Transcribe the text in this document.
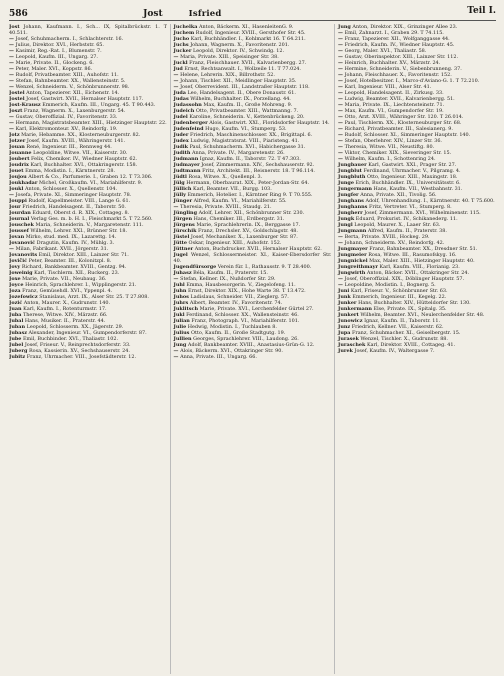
586	Jost	Isfried	Teil I.

Jost Johann, Kaufmann. I., Sch... IX, Spitalbrückstr. 1. T 40.511.

— Josef, Schuhmacherm. I., Schlachterstr. 16.

— Julius, Direktor. XVI., Herbststr. 65.

— Kasimir, Reg.-Rat. I., Blumenstr. 7.

— Leopold, Kaufm. III., Ungarg. 27.

— Marie, Private. II., Glockeng. 6.

— Peter, Maler. XVI., Koppstr. 86.

— Rudolf, Privatbeamter. XIII., Auhofstr. 11.

— Stefan, Bahnbeamter. XX., Wallensteinstr. 5.

— Wenzel, Schneiderm. V., Schönbrunnerstr. 98.

Jostel Anton, Tapezierer. XII., Eichenstr. 14.

Jostel Josef, Gastwirt. XVII., Hernalser Hauptstr. 117.

Jost-Krausz Emmerich, Kaufm. III., Ungarg. 45. T 90.443.

Joszt Franz, Wagnerm. X., Laxenburgerstr. 54.

— Gustav, Oberoffizial. IV., Favoritenstr. 33.

— Hermann, Magistratsbeamter. XIII., Hietzinger Hauptstr. 22.

— Karl, Elektromonteur. XV., Reindorfg. 19.

Jotz Marie, Hebamme. XX., Klosterneuburgerstr. 82.

Jotzer Josef, Kaufm. XVIII., Währingerstr. 141.

Jouan René, Ingenieur. III., Rennweg 44.

Jouanne Leopoldine, Witwe. VII., Kaiserstr. 30.

Joubert Felix, Chemiker. IV., Wiedner Hauptstr. 62.

Joudrix Karl, Buchhalter. XVI., Ottakringerstr. 158.

Jouet Emma, Modistin. I., Kärntnerstr. 28.

Joujou Albert & Co., Parfumerie. I., Graben 12. T 73.306.

Joukhadar Michel, Großkaufm. VI., Mariahilferstr. 9.

Joukl Anton, Schlosser. X., Quellenstr. 104.

— Josefa, Private. XI., Simmeringer Hauptstr. 78.

Jouppi Rudolf, Kapellmeister. VIII., Lange G. 61.

Jour Friedrich, Handelsagent. II., Taborstr. 50.

Jourdan Eduard, Oberst d. R. XIX., Cottageg. 8.

Journal Verlag Ges. m. b. H. I., Fleischmarkt 5. T 72.560.

Jouschek Maria, Schneiderin. V., Margaretenstr. 111.

Joussef Wilhelm, Lehrer. XXI., Brünner Str. 18.

Jovan Mirko, stud. med. IX., Lazarettg. 14.

Jovanović Dragutin, Kaufm. IV., Mühlg. 3.

— Milan, Fabrikant. XVII., Jörgerstr. 31.

Jovanovits Emil, Direktor. XIII., Lainzer Str. 71.

Jovičić Peter, Beamter. III., Kolonitzpl. 8.

Jovy Richard, Bankbeamter. XVIII., Gentzg. 94.

Joweinig Karl, Tischlerm. XII., Ruckerg. 23.

Joxe Marie, Private. VII., Neubaug. 36.

Joyce Heinrich, Sprachlehrer. I., Wipplingerstr. 21.

Joza Franz, Gemüsehdl. XVI., Yppenpl. 4.

Jozefowicz Stanislaus, Arzt. IX., Alser Str. 25. T 27.808.

Jozić Anton, Maurer. X., Gudrunstr. 140.

Juan Karl, Kaufm. I., Rotenturmstr. 17.

Juba Therese, Witwe. XIV., Märzstr. 66.

Jubal Hans, Musiker. II., Praterstr. 44.

Juban Leopold, Schlosserm. XX., Jägerstr. 29.

Jubasz Alexander, Ingenieur. VI., Gumpendorferstr. 87.

Jube Emil, Buchbinder. XVI., Thaliastr. 102.

Jubel Josef, Friseur. V., Reinprechtsdorferstr. 33.

Juberg Rosa, Kassierin. XV., Sechshauserstr. 24.

Jubitz Franz, Uhrmacher. VIII., Josefstädterstr. 12.

Juchelka Anton, Bäckerm. XI., HasenleitenG. 9.

Juchem Rudolf, Ingenieur. XVIII., Gersthofer Str. 45.

Jucho Karl, Buchhändler. I., Kohlmarkt 16. T 64.211.

Juchs Johann, Wagnerm. X., Favoritenstr. 201.

Jucker Leopold, Direktor. IV., Schwindg. 12.

— Maria, Private. XIII., Speisinger Str. 38.

Juckl Franz, Fleischhauer. XVII., Kalvarienbergg. 27.

Jud Ernst, Rechtsanwalt. I., Wollzeile 11. T 77.024.

— Helene, Lehrerin. XIX., Billrothstr. 52.

— Johann, Tischler. XII., Meidlinger Hauptstr. 35.

— Josef, Oberrevident. III., Landstraßer Hauptstr. 118.

Juda Leo, Handelsagent. II., Obere Donaustr. 61.

Judas Wilhelm, Buchhalter. IX., Porzellang. 44.

Judassohn Max, Kaufm. II., Große Mohreng. 9.

Judeich Otto, Privatbeamter. XIII., Wattmanng. 7.

Judel Karoline, Schneiderin. V., Kettenbrückeng. 20.

Judenberger Alois, Gastwirt. XXI., Floridsdorfer Hauptstr. 14.

Judenfeind Hugo, Kaufm. VI., Stumperg. 53.

Juder Friedrich, Maschinenschlosser. XX., Brigittapl. 6.

Judex Ludwig, Magistratsrat. VIII., Piaristeng. 41.

Judik Paul, Schuhmacherm. XVI., Habichergasse 31.

Judith Anna, Private. IV., Margaretenstr. 26.

Judmann Ignaz, Kaufm. II., Taborstr. 72. T 47.303.

Judmayer Josef, Zimmermann. XIV., Sechshauserstr. 92.

Judtmann Fritz, Architekt. III., Reisnerstr. 18. T 96.114.

Jüdtl Rosa, Witwe. X., Quellenpl. 3.

Jülg Hermann, Oberbaurat. XIX., Peter-Jordan-Str. 64.

Jüllich Karl, Beamter. VII., Burgg. 103.

Jülly Emmerich, Hotelier. I., Kärntner Ring 9. T 70.555.

Jünger Alfred, Kaufm. VI., Mariahilferstr. 55.

— Theresia, Private. XVIII., Staudg. 21.

Jüngling Adolf, Lehrer. XII., Schönbrunner Str. 230.

Jürgen Hans, Chemiker. III., Erdbergstr. 31.

Jürgens Marie, Sprachlehrerin. IX., Berggasse 17.

Jürschik Franz, Drechsler. XV., Goldschlagstr. 48.

Jüstel Josef, Mechaniker. X., Laxenburger Str. 87.

Jütte Oskar, Ingenieur. XIII., Auhofstr. 152.

Jüttner Anton, Buchdrucker. XVII., Hernalser Hauptstr. 62.

Jugel Wenzel, Schlossermeister. XI., Kaiser-Ebersdorfer Str. 40.

Jugendfürsorge Verein für. I., Rathausstr. 9. T 28.400.

Juhasz Béla, Kaufm. II., Praterstr. 15.

— Stefan, Kellner. IX., Nußdorfer Str. 29.

Juhl Emma, Hausbesorgerin. V., Ziegelofeng. 11.

Juhn Ernst, Direktor. XIX., Hohe Warte 38. T 13.472.

Juhos Ladislaus, Schneider. VII., Zieglerg. 57.

Juhrs Albert, Beamter. IV., Favoritenstr. 74.

Juklitsch Marie, Private. XVI., Lerchenfelder Gürtel 27.

Jukl Ferdinand, Schlosser. XX., Wallensteinstr. 46.

Julian Franz, Photograph. VI., Mariahilferstr. 101.

Julie Hedwig, Modistin. I., Tuchlauben 8.

Julius Otto, Kaufm. II., Große Stadtgutg. 19.

Jullien Georges, Sprachlehrer. VIII., Laudong. 26.

Jung Adolf, Bankbeamter. XVIII., Anastasius-Grün-G. 12.

— Alois, Bäckerm. XVI., Ottakringer Str. 90.

— Anna, Private. III., Ungarg. 66.

Jung Anton, Direktor. XIX., Grinzinger Allee 23.

— Emil, Zahnarzt. I., Graben 29. T 74.115.

— Franz, Tapezierer. XII., Wolfganggasse 44.

— Friedrich, Kaufm. IV., Wiedner Hauptstr. 45.

— Georg, Maler. XVI., Thaliastr. 58.

— Gustav, Oberinspektor. XIII., Lainzer Str. 112.

— Heinrich, Buchhalter. XV., Märzstr. 24.

— Hermine, Schneiderin. V., Siebenbrunneng. 37.

— Johann, Fleischhauer. X., Favoritenstr. 152.

— Josef, Hotelbesitzer. I., Marco-d'Aviano-G. 1. T 72.210.

— Karl, Ingenieur. VIII., Alser Str. 41.

— Leopold, Handelsagent. II., Zirkusg. 33.

— Ludwig, Beamter. XVII., Kalvarienbergg. 51.

— Maria, Private. IX., Liechtensteinstr. 71.

— Max, Kaufm. VI., Gumpendorfer Str. 19.

— Otto, Arzt. XVIII., Währinger Str. 120. T 26.014.

— Paul, Tischlerm. XX., Klosterneuburger Str. 68.

— Richard, Privatbeamter. III., Salesianerg. 9.

— Rudolf, Schlosser. XI., Simmeringer Hauptstr. 140.

— Stefan, Oberlehrer. XIV., Linzer Str. 36.

— Theresia, Witwe. VII., Neustiftg. 80.

— Viktor, Chemiker. XIX., Sieveringer Str. 15.

— Wilhelm, Kaufm. I., Schottenring 24.

Jungbauer Karl, Gastwirt. XXI., Prager Str. 27.

Jungblut Ferdinand, Uhrmacher. V., Pilgramg. 4.

Jungbluth Otto, Ingenieur. XIII., Maxingstr. 18.

Junge Erich, Buchhändler. IX., Universitätsstr. 6.

Jungermann Hans, Kaufm. VII., Westbahnstr. 31.

Jungfer Anna, Private. XII., Tivolig. 56.

Junghans Adolf, Uhrenhandlung. I., Kärntnerstr. 40. T 75.600.

Junghanns Fritz, Vertreter. VI., Stumperg. 8.

Jungherr Josef, Zimmermann. XVI., Wilhelminenstr. 115.

Jungk Eduard, Prokurist. IV., Schikanederg. 11.

Jungl Leopold, Maurer. X., Laaer Str. 63.

Jungmann Alfred, Kaufm. II., Praterstr. 38.

— Berta, Private. XVIII., Hockeg. 29.

— Johann, Schneiderm. XV., Reindorfg. 42.

Jungmayer Franz, Bahnbeamter. XX., Dresdner Str. 51.

Jungmeier Rosa, Witwe. III., Rasumofskyg. 16.

Jungnickel Max, Maler. XIII., Hietzinger Hauptstr. 40.

Jungreithmayr Karl, Kaufm. VIII., Florianig. 23.

Jungwirth Anton, Bäcker. XVII., Ottakringer Str. 24.

— Josef, Oberoffizial. XIX., Döblinger Hauptstr. 57.

— Leopoldine, Modistin. I., Bognerg. 5.

Juni Karl, Friseur. V., Schönbrunner Str. 63.

Junk Emmerich, Ingenieur. III., Kegelg. 22.

Junker Hans, Buchhalter. XIV., Hütteldorfer Str. 130.

Junkermann Else, Private. IX., Spitalg. 35.

Junkert Wilhelm, Beamter. XVI., Neulerchenfelder Str. 48.

Junowicz Ignaz, Kaufm. II., Taborstr. 11.

Junz Friedrich, Kellner. VII., Kaiserstr. 62.

Jupa Franz, Schuhmacher. XI., Geiselbergstr. 15.

Jurasek Wenzel, Tischler. X., Gudrunstr. 88.

Juraschek Karl, Direktor. XVIII., Cottageg. 41.

Jurek Josef, Kaufm. IV., Waltergasse 7.
